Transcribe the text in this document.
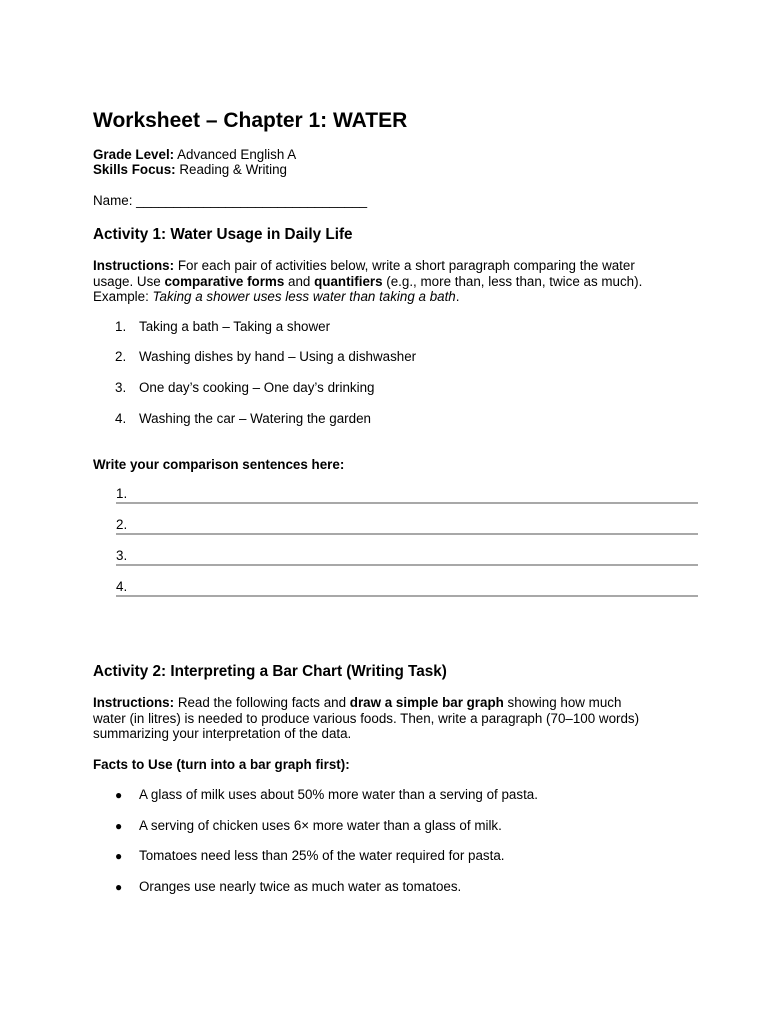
Worksheet – Chapter 1: WATER
Grade Level: Advanced English A
Skills Focus: Reading & Writing
Name: _______________________________
Activity 1: Water Usage in Daily Life
Instructions: For each pair of activities below, write a short paragraph comparing the water
usage. Use comparative forms and quantifiers (e.g., more than, less than, twice as much).
Example: Taking a shower uses less water than taking a bath.
1. Taking a bath – Taking a shower
2. Washing dishes by hand – Using a dishwasher
3. One day’s cooking – One day’s drinking
4. Washing the car – Watering the garden
Write your comparison sentences here:
1.
2.
3.
4.
Activity 2: Interpreting a Bar Chart (Writing Task)
Instructions: Read the following facts and draw a simple bar graph showing how much
water (in litres) is needed to produce various foods. Then, write a paragraph (70–100 words)
summarizing your interpretation of the data.
Facts to Use (turn into a bar graph first):
● A glass of milk uses about 50% more water than a serving of pasta.
● A serving of chicken uses 6× more water than a glass of milk.
● Tomatoes need less than 25% of the water required for pasta.
● Oranges use nearly twice as much water as tomatoes.
